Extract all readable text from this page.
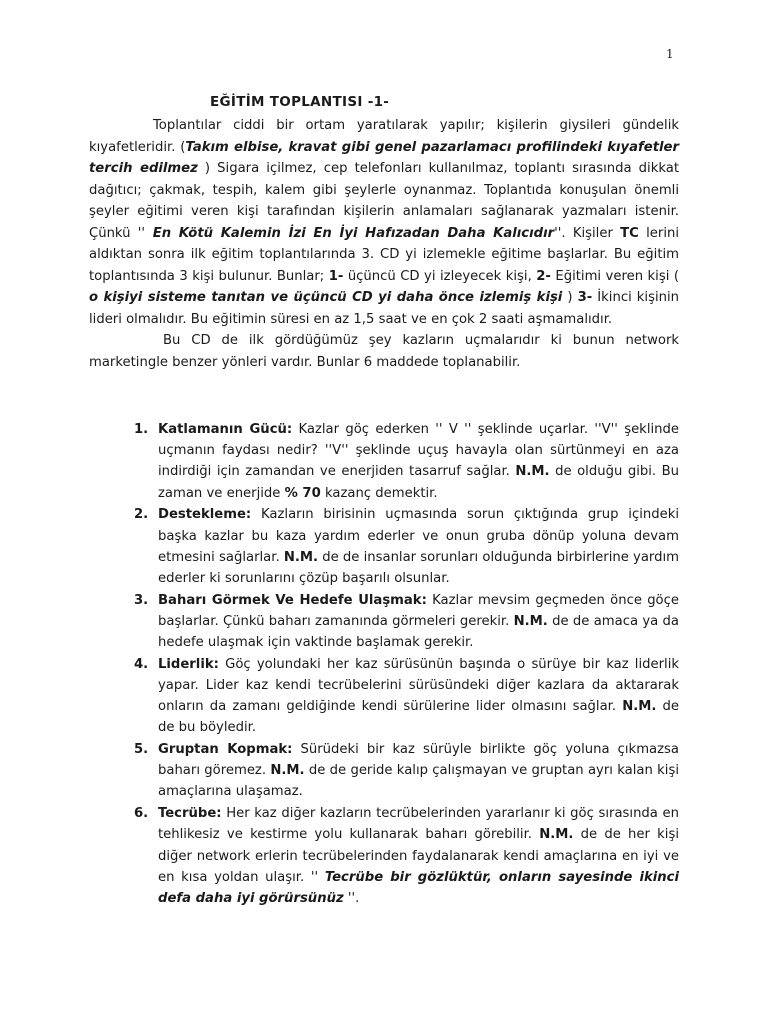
1
EĞİTİM TOPLANTISI -1-

Toplantılar ciddi bir ortam yaratılarak yapılır; kişilerin giysileri gündelik kıyafetleridir. (Takım elbise, kravat gibi genel pazarlamacı profilindeki kıyafetler tercih edilmez ) Sigara içilmez, cep telefonları kullanılmaz, toplantı sırasında dikkat dağıtıcı; çakmak, tespih, kalem gibi şeylerle oynanmaz. Toplantıda konuşulan önemli şeyler eğitimi veren kişi tarafından kişilerin anlamaları sağlanarak yazmaları istenir. Çünkü '' En Kötü Kalemin İzi En İyi Hafızadan Daha Kalıcıdır''. Kişiler TC lerini aldıktan sonra ilk eğitim toplantılarında 3. CD yi izlemekle eğitime başlarlar. Bu eğitim toplantısında 3 kişi bulunur. Bunlar; 1- üçüncü CD yi izleyecek kişi, 2- Eğitimi veren kişi ( o kişiyi sisteme tanıtan ve üçüncü CD yi daha önce izlemiş kişi ) 3- İkinci kişinin lideri olmalıdır. Bu eğitimin süresi en az 1,5 saat ve en çok 2 saati aşmamalıdır.

Bu CD de ilk gördüğümüz şey kazların uçmalarıdır ki bunun network marketingle benzer yönleri vardır. Bunlar 6 maddede toplanabilir.

1. Katlamanın Gücü: Kazlar göç ederken '' V '' şeklinde uçarlar. ''V'' şeklinde uçmanın faydası nedir? ''V'' şeklinde uçuş havayla olan sürtünmeyi en aza indirdiği için zamandan ve enerjiden tasarruf sağlar. N.M. de olduğu gibi. Bu zaman ve enerjide % 70 kazanç demektir.
2. Destekleme: Kazların birisinin uçmasında sorun çıktığında grup içindeki başka kazlar bu kaza yardım ederler ve onun gruba dönüp yoluna devam etmesini sağlarlar. N.M. de de insanlar sorunları olduğunda birbirlerine yardım ederler ki sorunlarını çözüp başarılı olsunlar.
3. Baharı Görmek Ve Hedefe Ulaşmak: Kazlar mevsim geçmeden önce göçe başlarlar. Çünkü baharı zamanında görmeleri gerekir. N.M. de de amaca ya da hedefe ulaşmak için vaktinde başlamak gerekir.
4. Liderlik: Göç yolundaki her kaz sürüsünün başında o sürüye bir kaz liderlik yapar. Lider kaz kendi tecrübelerini sürüsündeki diğer kazlara da aktararak onların da zamanı geldiğinde kendi sürülerine lider olmasını sağlar. N.M. de de bu böyledir.
5. Gruptan Kopmak: Sürüdeki bir kaz sürüyle birlikte göç yoluna çıkmazsa baharı göremez. N.M. de de geride kalıp çalışmayan ve gruptan ayrı kalan kişi amaçlarına ulaşamaz.
6. Tecrübe: Her kaz diğer kazların tecrübelerinden yararlanır ki göç sırasında en tehlikesiz ve kestirme yolu kullanarak baharı görebilir. N.M. de de her kişi diğer network erlerin tecrübelerinden faydalanarak kendi amaçlarına en iyi ve en kısa yoldan ulaşır. '' Tecrübe bir gözlüktür, onların sayesinde ikinci defa daha iyi görürsünüz ''.
